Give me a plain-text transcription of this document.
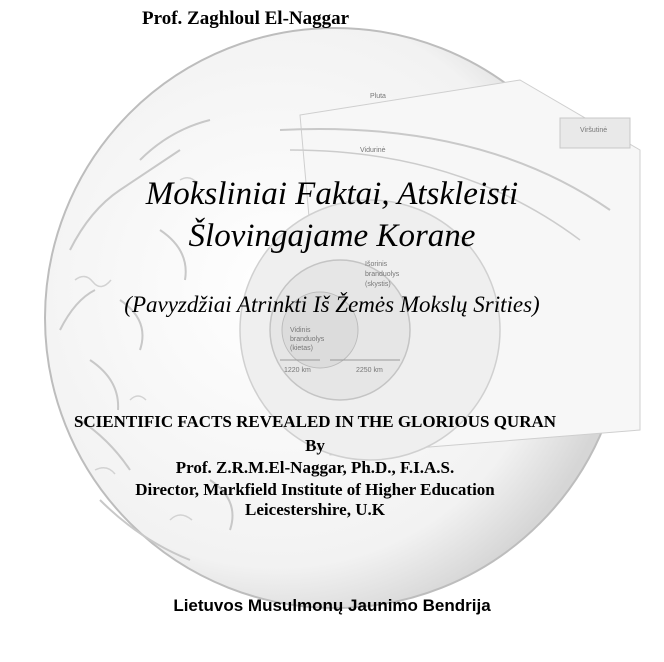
Pluta
Viršutinė
Vidurinė
Išorinis
branduolys
(skystis)
Vidinis
branduolys
(kietas)
1220 km	2250 km
Prof. Zaghloul El-Naggar
Moksliniai Faktai, Atskleisti
Šlovingajame Korane
(Pavyzdžiai Atrinkti Iš Žemės Mokslų Srities)
SCIENTIFIC FACTS REVEALED IN THE GLORIOUS QURAN
By
Prof. Z.R.M.El-Naggar, Ph.D., F.I.A.S.
Director, Markfield Institute of Higher Education
Leicestershire, U.K
Lietuvos Musulmonų Jaunimo Bendrija
